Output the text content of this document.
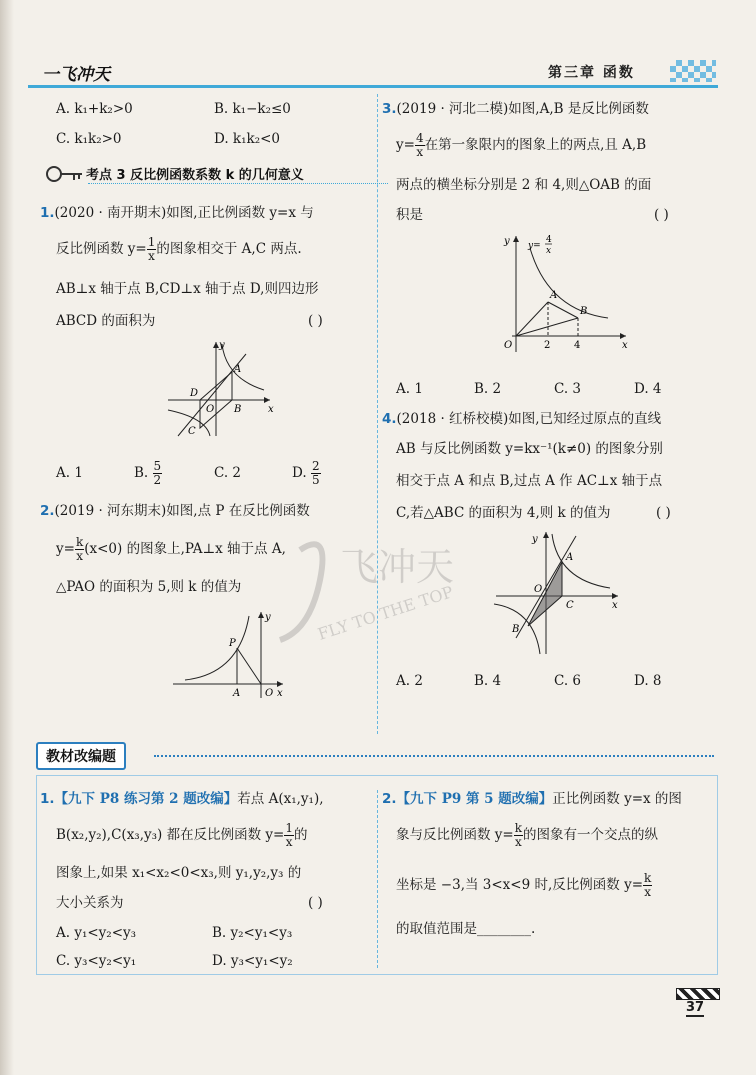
一飞冲天	第三章 函数
A. k₁+k₂>0	B. k₁−k₂≤0
C. k₁k₂>0	D. k₁k₂<0
考点 3 反比例函数系数 k 的几何意义
1.(2020 · 南开期末)如图,正比例函数 y=x 与
反比例函数 $y= \frac{1}{x}$ 的图象相交于 A,C 两点.
AB⊥x 轴于点 B,CD⊥x 轴于点 D,则四边形
ABCD 的面积为	( )
y
x
A
B
C
D
O
A. 1	B. $\frac{5}{2}$	C. 2	D. $\frac{2}{5}$
2.(2019 · 河东期末)如图,点 P 在反比例函数
$y= \frac{k}{x} (x<0)$ 的图象上,PA⊥x 轴于点 A,
△PAO 的面积为 5,则 k 的值为
y
x
P
A O
3.(2019 · 河北二模)如图,A,B 是反比例函数
$y= \frac{4}{x}$ 在第一象限内的图象上的两点,且 A,B
两点的横坐标分别是 2 和 4,则△OAB 的面
积是	( )
y
x
O
A
B
2 4
y=
4
x
A. 1	B. 2	C. 3	D. 4
4.(2018 · 红桥校模)如图,已知经过原点的直线
AB 与反比例函数 y=kx⁻¹(k≠0) 的图象分别
相交于点 A 和点 B,过点 A 作 AC⊥x 轴于点
C,若△ABC 的面积为 4,则 k 的值为	( )
y
x
A
C
B
O
A. 2	B. 4	C. 6	D. 8
飞冲天
FLY TO THE TOP
教材改编题
1.【九下 P8 练习第 2 题改编】若点 A(x₁,y₁),
B(x₂,y₂),C(x₃,y₃) 都在反比例函数 $y= \frac{1}{x}$ 的
图象上,如果 x₁<x₂<0<x₃,则 y₁,y₂,y₃ 的
大小关系为	( )
A. y₁<y₂<y₃	B. y₂<y₁<y₃
C. y₃<y₂<y₁	D. y₃<y₁<y₂
2.【九下 P9 第 5 题改编】正比例函数 y=x 的图
象与反比例函数 $y= \frac{k}{x}$ 的图象有一个交点的纵
坐标是 −3,当 3<x<9 时,反比例函数 $y= \frac{k}{x}$
的取值范围是________.
37
